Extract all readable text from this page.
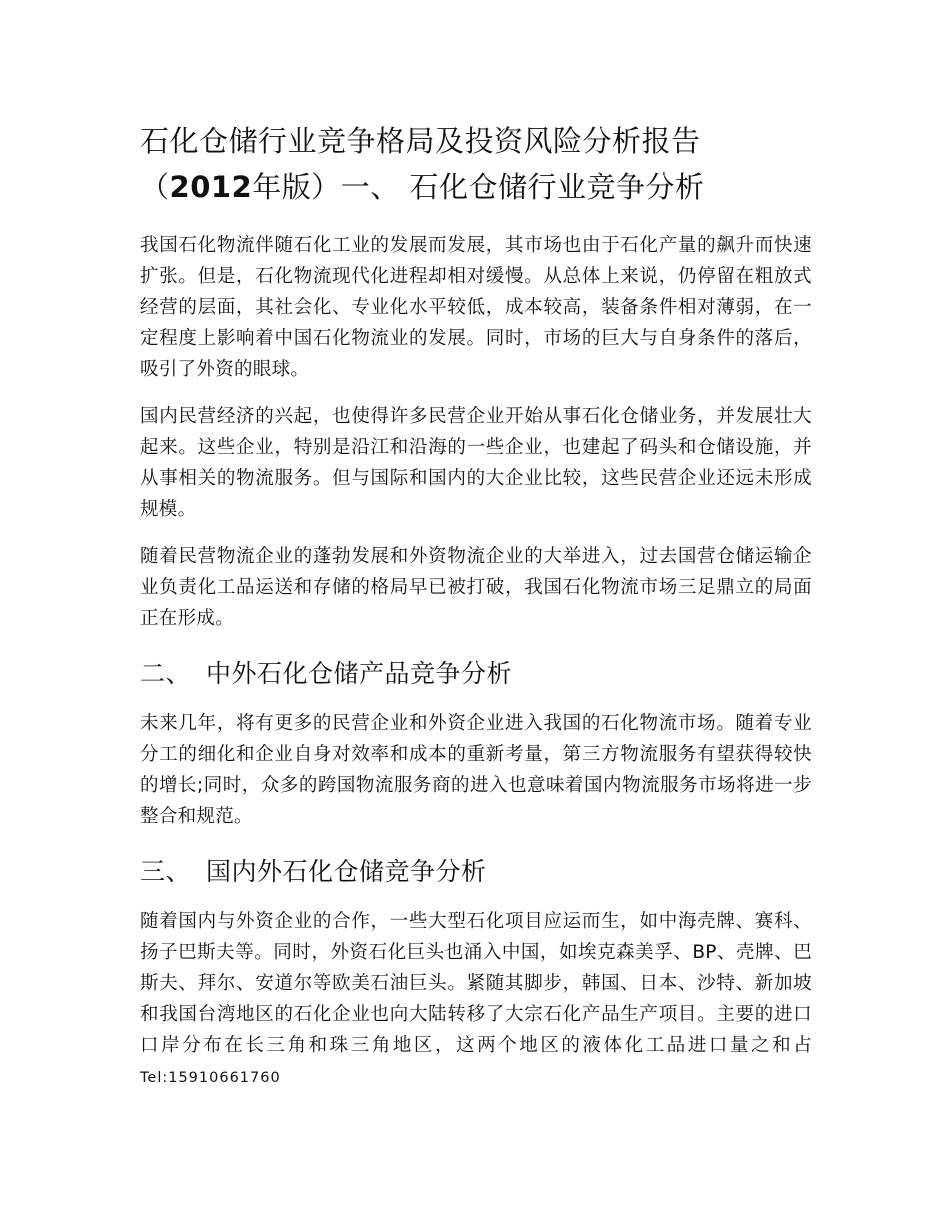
石化仓储行业竞争格局及投资风险分析报告
（2012年版）一、 石化仓储行业竞争分析

我国石化物流伴随石化工业的发展而发展，其市场也由于石化产量的飙升而快速扩张。但是，石化物流现代化进程却相对缓慢。从总体上来说，仍停留在粗放式经营的层面，其社会化、专业化水平较低，成本较高，装备条件相对薄弱，在一定程度上影响着中国石化物流业的发展。同时，市场的巨大与自身条件的落后，吸引了外资的眼球。

国内民营经济的兴起，也使得许多民营企业开始从事石化仓储业务，并发展壮大起来。这些企业，特别是沿江和沿海的一些企业，也建起了码头和仓储设施，并从事相关的物流服务。但与国际和国内的大企业比较，这些民营企业还远未形成规模。

随着民营物流企业的蓬勃发展和外资物流企业的大举进入，过去国营仓储运输企业负责化工品运送和存储的格局早已被打破，我国石化物流市场三足鼎立的局面正在形成。

二、 中外石化仓储产品竞争分析

未来几年，将有更多的民营企业和外资企业进入我国的石化物流市场。随着专业分工的细化和企业自身对效率和成本的重新考量，第三方物流服务有望获得较快的增长;同时，众多的跨国物流服务商的进入也意味着国内物流服务市场将进一步整合和规范。

三、 国内外石化仓储竞争分析

随着国内与外资企业的合作，一些大型石化项目应运而生，如中海壳牌、赛科、扬子巴斯夫等。同时，外资石化巨头也涌入中国，如埃克森美孚、BP、壳牌、巴斯夫、拜尔、安道尔等欧美石油巨头。紧随其脚步，韩国、日本、沙特、新加坡和我国台湾地区的石化企业也向大陆转移了大宗石化产品生产项目。主要的进口口岸分布在长三角和珠三角地区，这两个地区的液体化工品进口量之和占Tel:15910661760
